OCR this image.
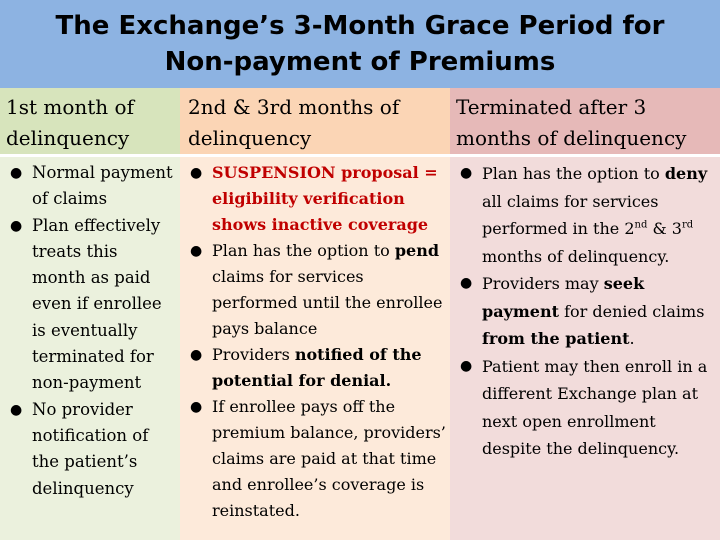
The Exchange’s 3-Month Grace Period for Non-payment of Premiums
1st month of delinquency
● Normal payment of claims
● Plan effectively treats this month as paid even if enrollee is eventually terminated for non-payment
● No provider notification of the patient’s delinquency
2nd & 3rd months of delinquency
● SUSPENSION proposal = eligibility verification shows inactive coverage
● Plan has the option to pend claims for services performed until the enrollee pays balance
● Providers notified of the potential for denial.
● If enrollee pays off the premium balance, providers’ claims are paid at that time and enrollee’s coverage is reinstated.
Terminated after 3 months of delinquency
● Plan has the option to deny all claims for services performed in the 2nd & 3rd months of delinquency.
● Providers may seek payment for denied claims from the patient.
● Patient may then enroll in a different Exchange plan at next open enrollment despite the delinquency.
